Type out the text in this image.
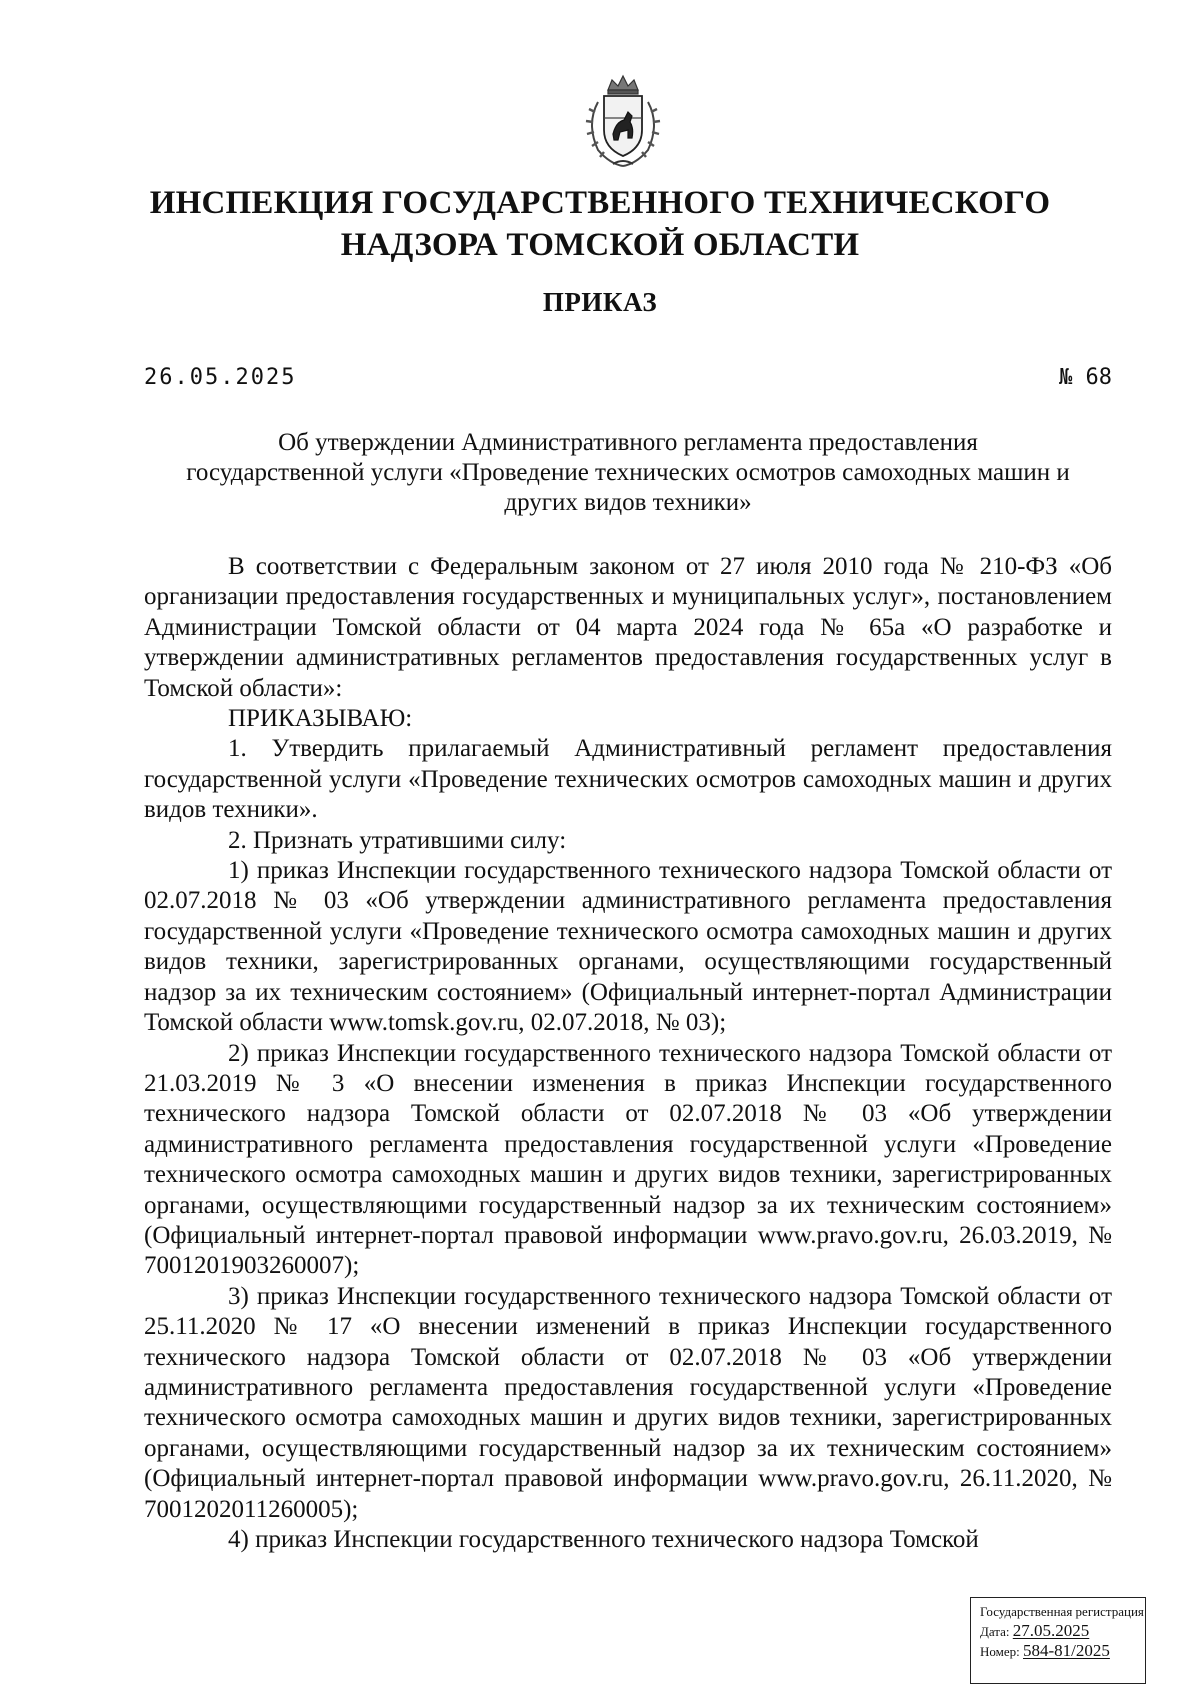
ИНСПЕКЦИЯ ГОСУДАРСТВЕННОГО ТЕХНИЧЕСКОГО
НАДЗОРА ТОМСКОЙ ОБЛАСТИ
ПРИКАЗ
26.05.2025	№ 68
Об утверждении Административного регламента предоставления
государственной услуги «Проведение технических осмотров самоходных машин и
других видов техники»

В соответствии с Федеральным законом от 27 июля 2010 года № 210-ФЗ «Об организации предоставления государственных и муниципальных услуг», постановлением Администрации Томской области от 04 марта 2024 года № 65а «О разработке и утверждении административных регламентов предоставления государственных услуг в Томской области»:

ПРИКАЗЫВАЮ:

1. Утвердить прилагаемый Административный регламент предоставления государственной услуги «Проведение технических осмотров самоходных машин и других видов техники».

2. Признать утратившими силу:

1) приказ Инспекции государственного технического надзора Томской области от 02.07.2018 № 03 «Об утверждении административного регламента предоставления государственной услуги «Проведение технического осмотра самоходных машин и других видов техники, зарегистрированных органами, осуществляющими государственный надзор за их техническим состоянием» (Официальный интернет-портал Администрации Томской области www.tomsk.gov.ru, 02.07.2018, № 03);

2) приказ Инспекции государственного технического надзора Томской области от 21.03.2019 № 3 «О внесении изменения в приказ Инспекции государственного технического надзора Томской области от 02.07.2018 № 03 «Об утверждении административного регламента предоставления государственной услуги «Проведение технического осмотра самоходных машин и других видов техники, зарегистрированных органами, осуществляющими государственный надзор за их техническим состоянием» (Официальный интернет-портал правовой информации www.pravo.gov.ru, 26.03.2019, № 7001201903260007);

3) приказ Инспекции государственного технического надзора Томской области от 25.11.2020 № 17 «О внесении изменений в приказ Инспекции государственного технического надзора Томской области от 02.07.2018 № 03 «Об утверждении административного регламента предоставления государственной услуги «Проведение технического осмотра самоходных машин и других видов техники, зарегистрированных органами, осуществляющими государственный надзор за их техническим состоянием» (Официальный интернет-портал правовой информации www.pravo.gov.ru, 26.11.2020, № 7001202011260005);

4) приказ Инспекции государственного технического надзора Томской

Государственная регистрация
Дата: 27.05.2025
Номер: 584-81/2025
